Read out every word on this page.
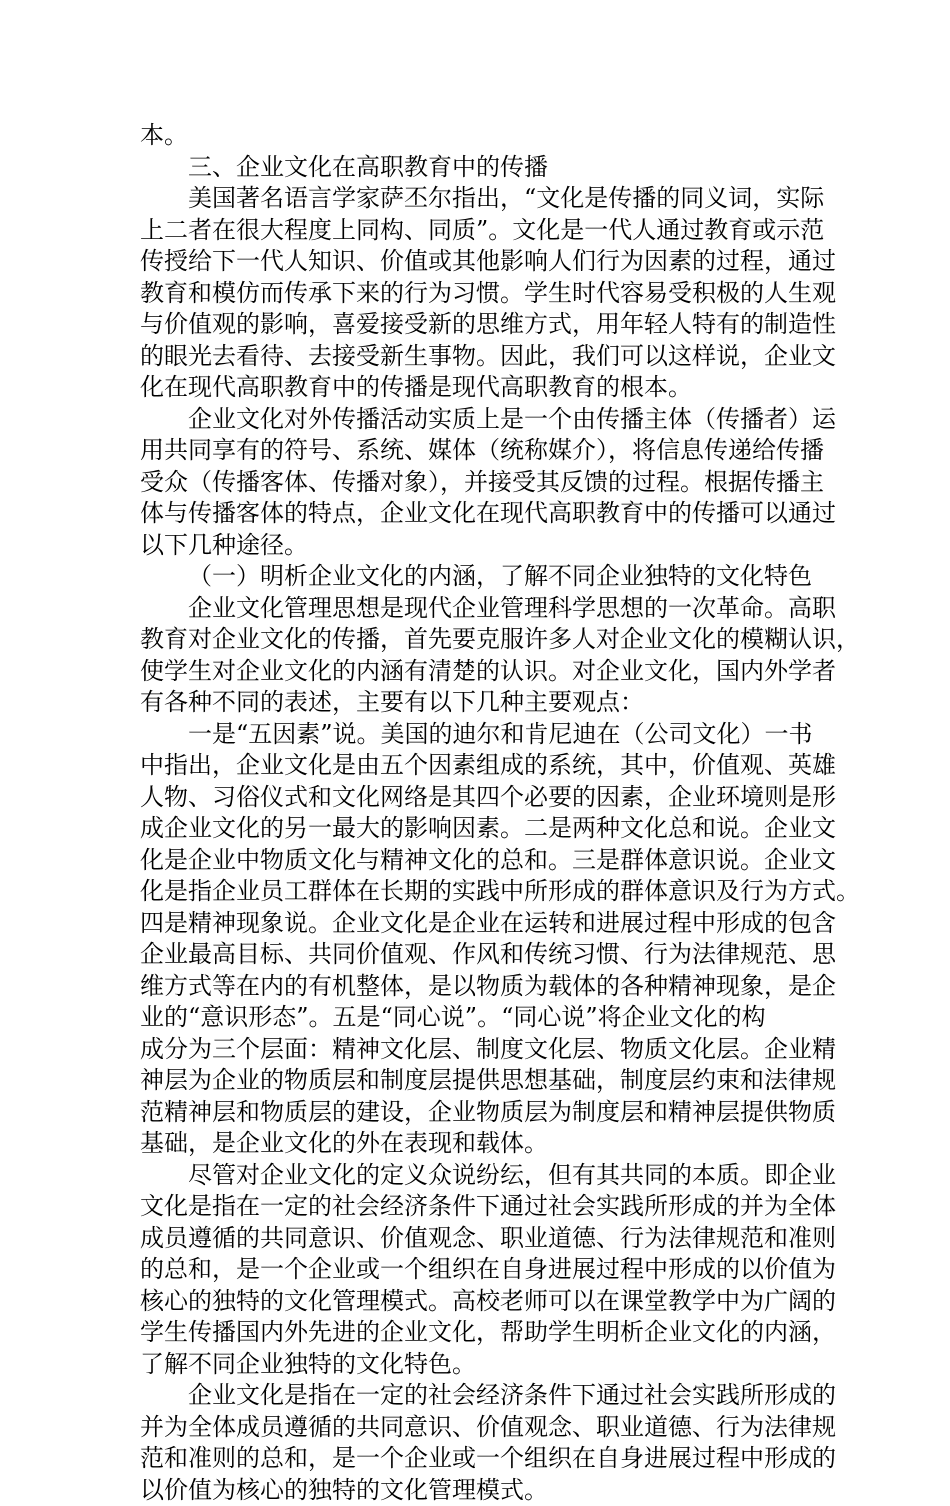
本。
三、企业文化在高职教育中的传播
美国著名语言学家萨丕尔指出，“文化是传播的同义词，实际
上二者在很大程度上同构、同质”。文化是一代人通过教育或示范
传授给下一代人知识、价值或其他影响人们行为因素的过程，通过
教育和模仿而传承下来的行为习惯。学生时代容易受积极的人生观
与价值观的影响，喜爱接受新的思维方式，用年轻人特有的制造性
的眼光去看待、去接受新生事物。因此，我们可以这样说，企业文
化在现代高职教育中的传播是现代高职教育的根本。
企业文化对外传播活动实质上是一个由传播主体（传播者）运
用共同享有的符号、系统、媒体（统称媒介），将信息传递给传播
受众（传播客体、传播对象），并接受其反馈的过程。根据传播主
体与传播客体的特点，企业文化在现代高职教育中的传播可以通过
以下几种途径。
（一）明析企业文化的内涵，了解不同企业独特的文化特色
企业文化管理思想是现代企业管理科学思想的一次革命。高职
教育对企业文化的传播，首先要克服许多人对企业文化的模糊认识，
使学生对企业文化的内涵有清楚的认识。对企业文化，国内外学者
有各种不同的表述，主要有以下几种主要观点：
一是“五因素”说。美国的迪尔和肯尼迪在（公司文化）一书
中指出，企业文化是由五个因素组成的系统，其中，价值观、英雄
人物、习俗仪式和文化网络是其四个必要的因素，企业环境则是形
成企业文化的另一最大的影响因素。二是两种文化总和说。企业文
化是企业中物质文化与精神文化的总和。三是群体意识说。企业文
化是指企业员工群体在长期的实践中所形成的群体意识及行为方式。
四是精神现象说。企业文化是企业在运转和进展过程中形成的包含
企业最高目标、共同价值观、作风和传统习惯、行为法律规范、思
维方式等在内的有机整体，是以物质为载体的各种精神现象，是企
业的“意识形态”。五是“同心说”。“同心说”将企业文化的构
成分为三个层面：精神文化层、制度文化层、物质文化层。企业精
神层为企业的物质层和制度层提供思想基础，制度层约束和法律规
范精神层和物质层的建设，企业物质层为制度层和精神层提供物质
基础，是企业文化的外在表现和载体。
尽管对企业文化的定义众说纷纭，但有其共同的本质。即企业
文化是指在一定的社会经济条件下通过社会实践所形成的并为全体
成员遵循的共同意识、价值观念、职业道德、行为法律规范和准则
的总和，是一个企业或一个组织在自身进展过程中形成的以价值为
核心的独特的文化管理模式。高校老师可以在课堂教学中为广阔的
学生传播国内外先进的企业文化，帮助学生明析企业文化的内涵，
了解不同企业独特的文化特色。
企业文化是指在一定的社会经济条件下通过社会实践所形成的
并为全体成员遵循的共同意识、价值观念、职业道德、行为法律规
范和准则的总和，是一个企业或一个组织在自身进展过程中形成的
以价值为核心的独特的文化管理模式。
